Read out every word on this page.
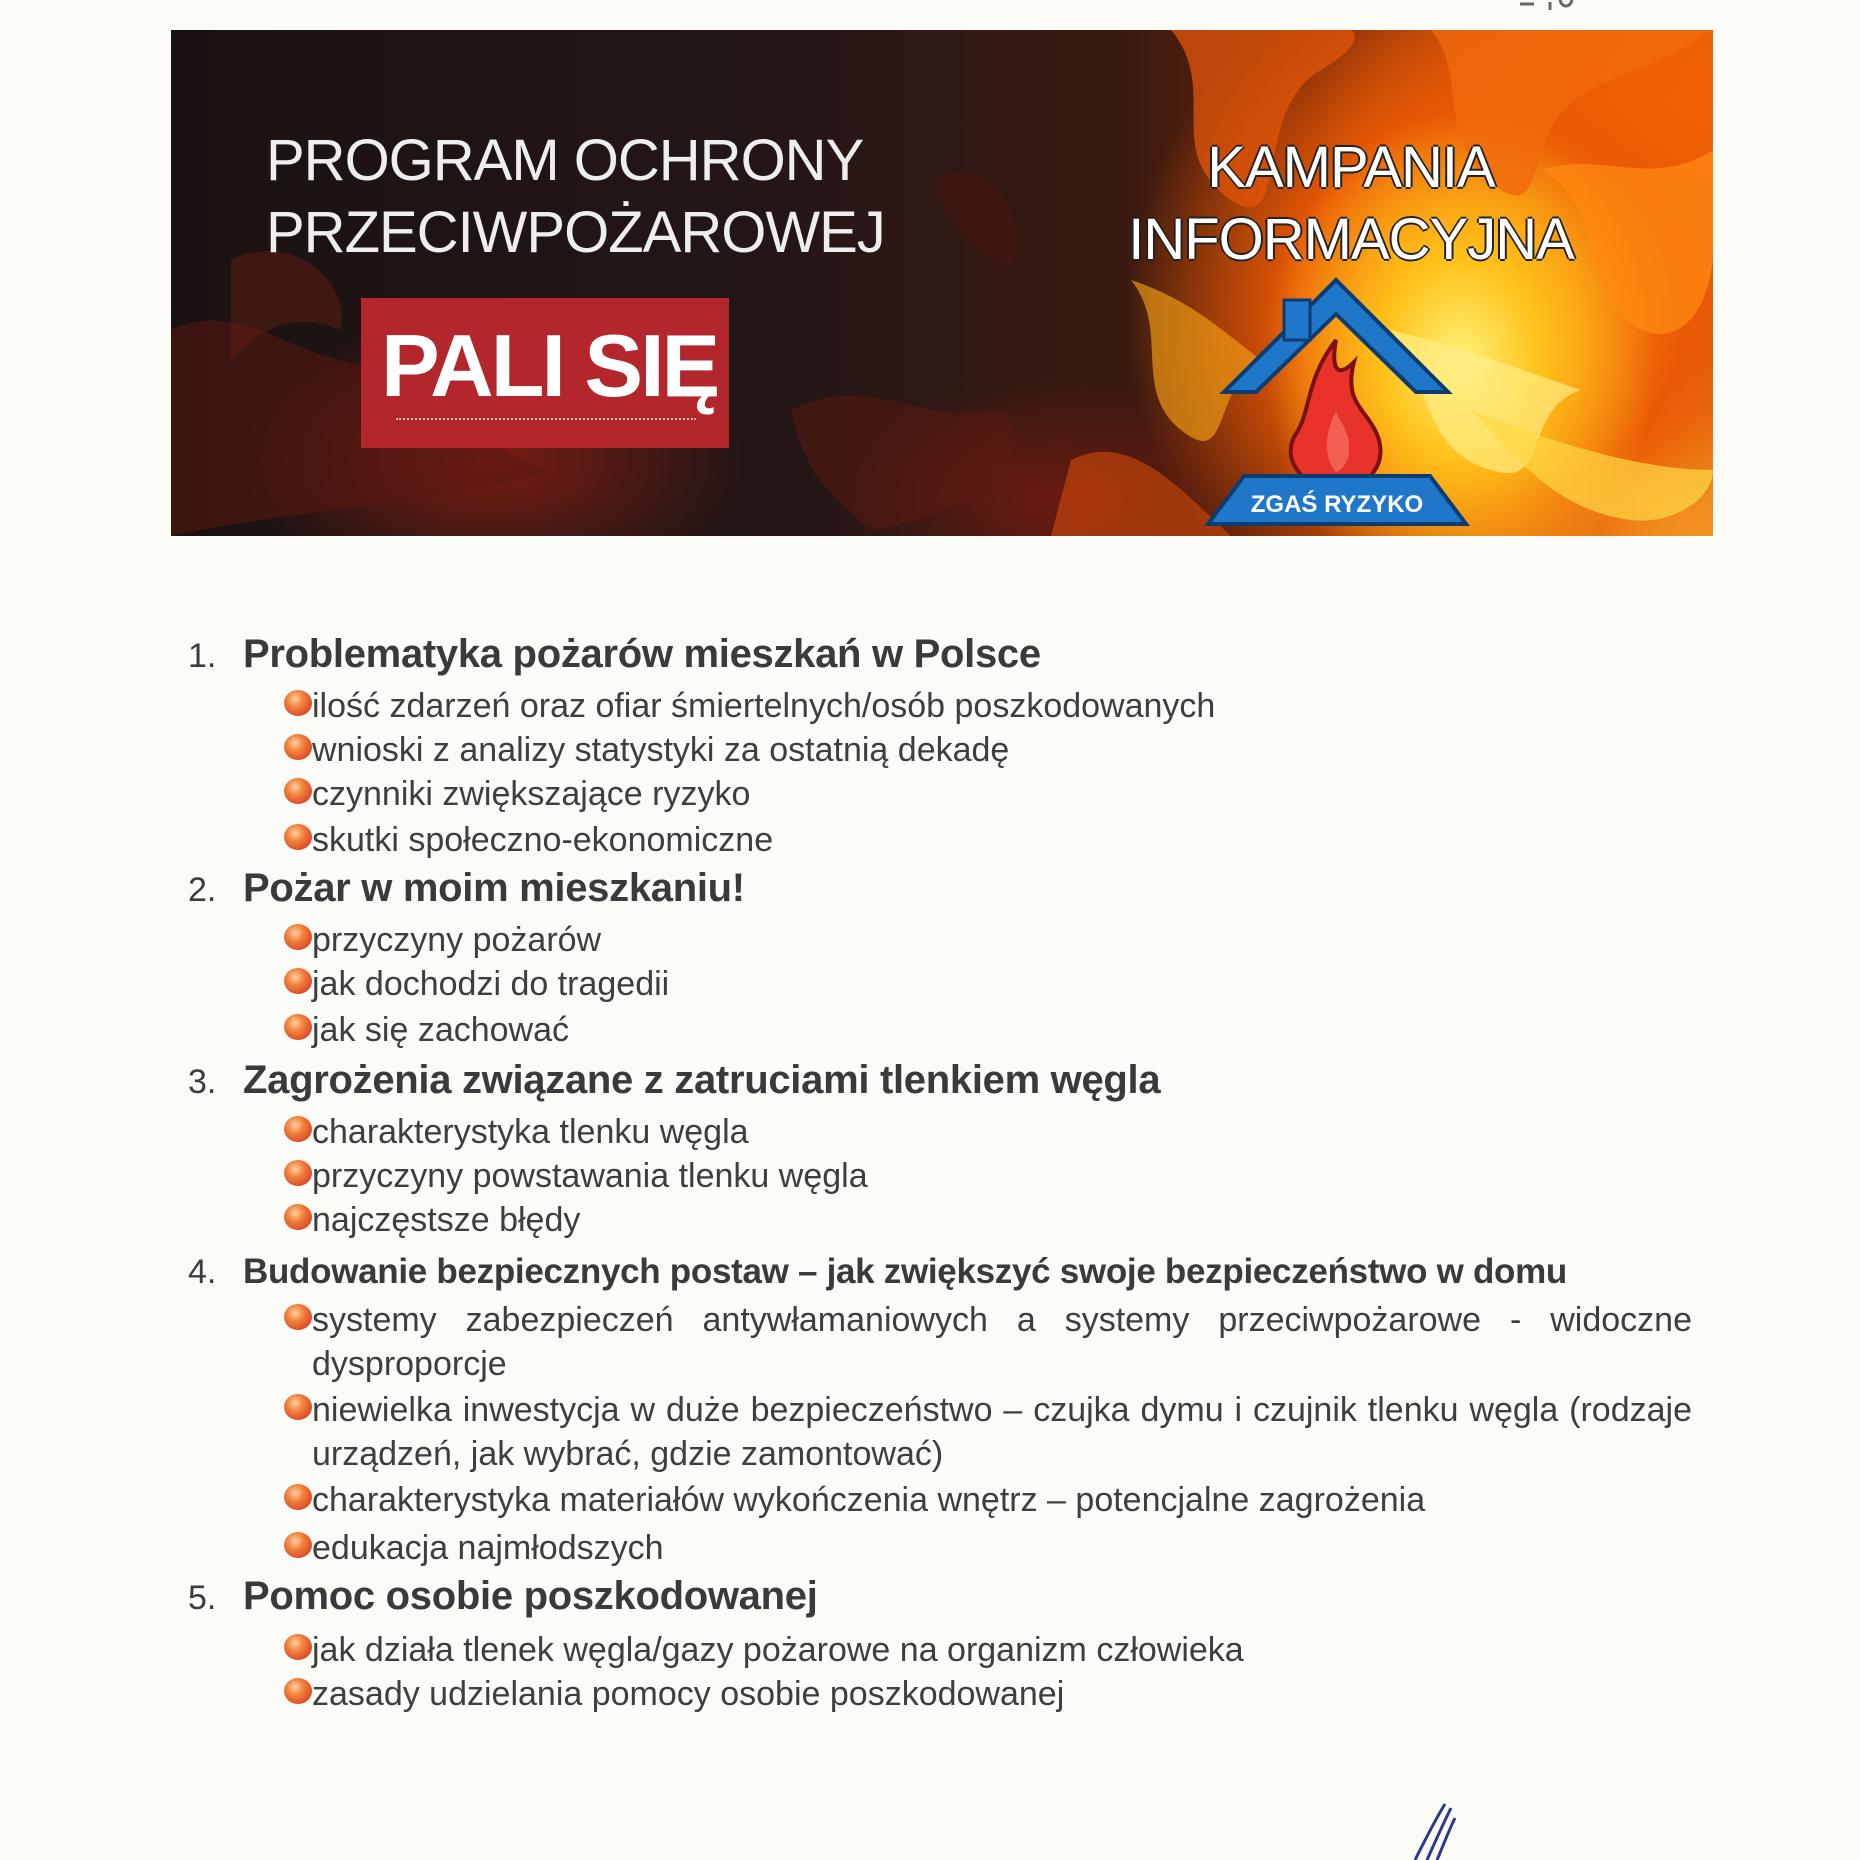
PROGRAM OCHRONY
PRZECIWPOŻAROWEJ
PALI SIĘ
KAMPANIA
INFORMACYJNA
ZGAŚ RYZYKO
1. Problematyka pożarów mieszkań w Polsce
ilość zdarzeń oraz ofiar śmiertelnych/osób poszkodowanych
wnioski z analizy statystyki za ostatnią dekadę
czynniki zwiększające ryzyko
skutki społeczno-ekonomiczne
2. Pożar w moim mieszkaniu!
przyczyny pożarów
jak dochodzi do tragedii
jak się zachować
3. Zagrożenia związane z zatruciami tlenkiem węgla
charakterystyka tlenku węgla
przyczyny powstawania tlenku węgla
najczęstsze błędy
4. Budowanie bezpiecznych postaw – jak zwiększyć swoje bezpieczeństwo w domu
systemy zabezpieczeń antywłamaniowych a systemy przeciwpożarowe - widoczne dysproporcje
niewielka inwestycja w duże bezpieczeństwo – czujka dymu i czujnik tlenku węgla (rodzaje urządzeń, jak wybrać, gdzie zamontować)
charakterystyka materiałów wykończenia wnętrz – potencjalne zagrożenia
edukacja najmłodszych
5. Pomoc osobie poszkodowanej
jak działa tlenek węgla/gazy pożarowe na organizm człowieka
zasady udzielania pomocy osobie poszkodowanej
